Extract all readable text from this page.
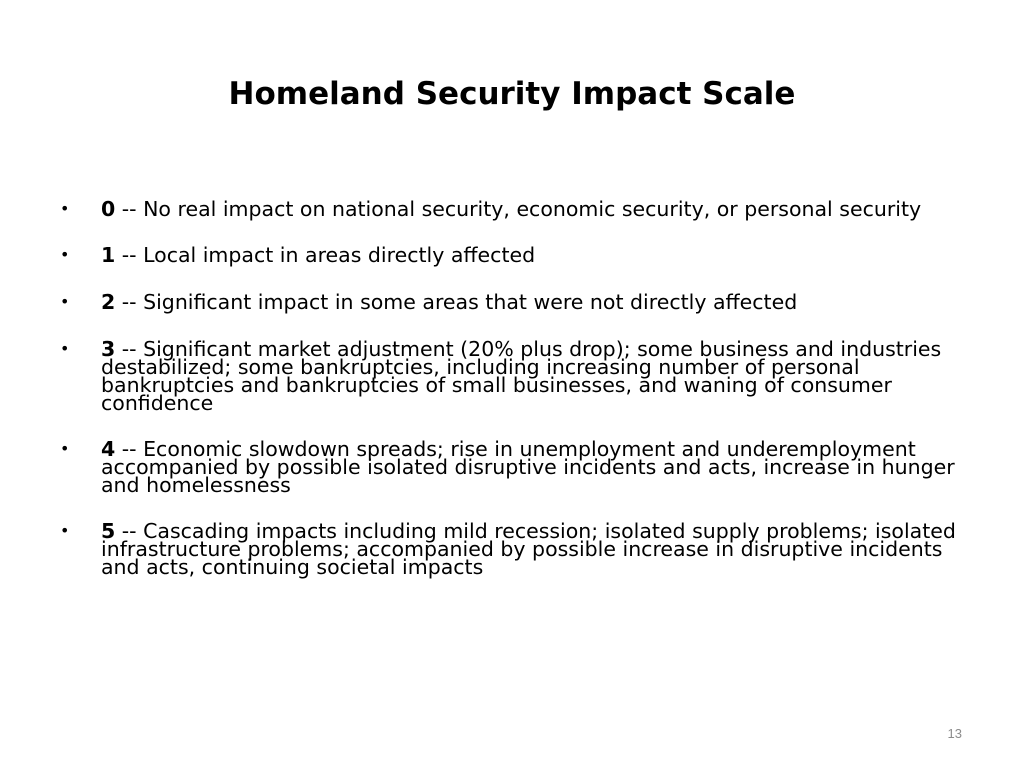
Homeland Security Impact Scale
• 0 -- No real impact on national security, economic security, or personal security
• 1 -- Local impact in areas directly affected
• 2 -- Significant impact in some areas that were not directly affected
• 3 -- Significant market adjustment (20% plus drop); some business and industries destabilized; some bankruptcies, including increasing number of personal bankruptcies and bankruptcies of small businesses, and waning of consumer confidence
• 4 -- Economic slowdown spreads; rise in unemployment and underemployment accompanied by possible isolated disruptive incidents and acts, increase in hunger and homelessness
• 5 -- Cascading impacts including mild recession; isolated supply problems; isolated infrastructure problems; accompanied by possible increase in disruptive incidents and acts, continuing societal impacts
13
